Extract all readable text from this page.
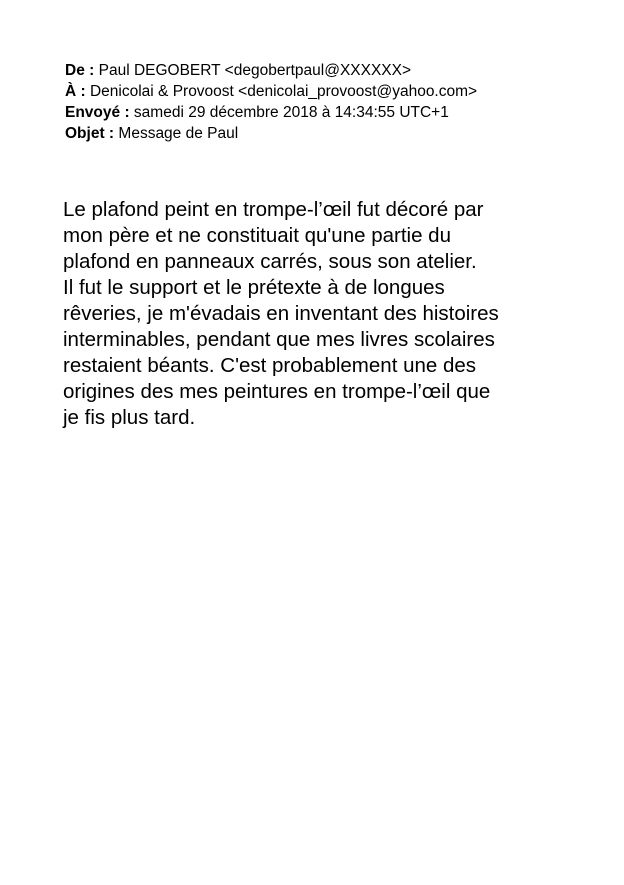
De : Paul DEGOBERT <degobertpaul@XXXXXX>
À : Denicolai & Provoost <denicolai_provoost@yahoo.com>
Envoyé : samedi 29 décembre 2018 à 14:34:55 UTC+1
Objet : Message de Paul
Le plafond peint en trompe-l’œil fut décoré par
mon père et ne constituait qu'une partie du
plafond en panneaux carrés, sous son atelier.
Il fut le support et le prétexte à de longues
rêveries, je m'évadais en inventant des histoires
interminables, pendant que mes livres scolaires
restaient béants. C'est probablement une des
origines des mes peintures en trompe-l’œil que
je fis plus tard.
